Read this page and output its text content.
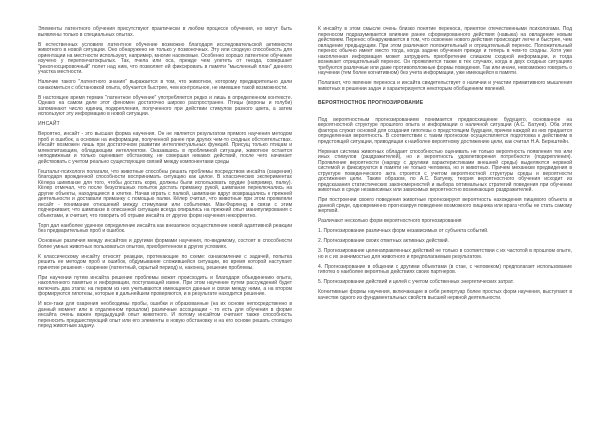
Элементы латентного обучения присутствуют практически в любом процессе обучения, но могут быть выявлены только в специальных опытах.
В естественных условиях латентное обучение возможно благодаря исследовательской активности животного в новой ситуации. Оно обнаружено не только у позвоночных. Эту или сходную способность для ориентации на местности используют, например, многие насекомые. Особенно хорошо латентное обучение изучено у перепончатокрылых. Так, пчела или оса, прежде чем улететь от гнезда, совершает "рекогносцировочный" полет над ним, что позволяет ей фиксировать в памяти "мысленный план" данного участка местности.
Наличие такого "латентного знания" выражается в том, что животное, которому предварительно дали ознакомиться с обстановкой опыта, обучается быстрее, чем контрольное, не имевшее такой возможности.
В настоящее время термин "латентное обучение" употребляется редко и лишь в определенном контексте. Однако на самом деле этот феномен достаточно широко распространен. Птицы (вороны и голуби) запоминают число единиц подкрепления, полученного при действии стимулов разного цвета, а затем используют эту информацию в новой ситуации.
ИНСАЙТ
Вероятно, инсайт - это высшая форма научения. Он не является результатом прямого научения методом проб и ошибок, а основан на информации, полученной ранее при других чем-то сходных обстоятельствах. Инсайт возможен лишь при достаточном развитии интеллектуальных функций. Присущ только птицам и млекопитающим, обладающим интеллектом. Оказавшись в проблемной ситуации, животное остается неподвижным и только оценивает обстановку, не совершая никаких действий, после чего начинает действовать с учетом реально существующих связей между компонентами среды
Гештальт-психологи полагали, что животные способны решать проблемы посредством инсайта (озарения) благодаря врожденной способности воспринимать ситуацию как целое. В классических экспериментах Кёлера шимпанзе для того, чтобы достать корм, должны были использовать орудие (например, палку). Кёлер отмечал, что после безуспешных попыток достать приманку рукой, шимпанзе переключались на другие объекты, находящиеся в клетке. Начав играть с палкой, шимпанзе вдруг возвращались к прежней деятельности и доставали приманку с помощью палки. Кёлер считал, что животные при этом проявляли инсайт - понимание отношений между стимулами или событиями. Мак-Фарленд в связи с этим подчеркивает, что шимпанзе в описанной ситуации всегда опирались на прежний опыт манипулирования с объектами, и считает, что говорить об отрыве инсайта от других форм научения некорректно.
Торп дал наиболее удачное определение инсайта как внезапное осуществление новой адаптивной реакции без предварительных проб и ошибок.
Основные различия между инсайтом и другими формами научения, по-видимому, состоят в способности более умных животных пользоваться опытом, приобретенном в других условиях.
К классическому инсайту относят реакции, протекающие по схеме: ознакомление с задачей, попытка решить ее методом проб и ошибок, обдумывание сложившейся ситуации, во время которой наступает принятие решения - озарение (латентный, скрытый период) и, наконец, решение проблемы.
При научении путем инсайта решение проблемы может происходить и благодаря объединению опыта, накопленного памятью и информации, поступающей извне. При этом научение путем рассуждений будет включать два этапа: на первом из них учитываются имеющиеся данные и связи между ними, а на втором формируются гипотезы, которые в дальнейшем проверяются, и в результате находится решение.
И все-таки для озарения необходимы пробы, ошибки и образованные (на их основе непосредственно в данный момент или в отдаленном прошлом) различные ассоциации - то есть для обучения в форме инсайта очень важен предыдущий опыт животного. И потому инсайтом считают также способность переносить предшествующий опыт или его элементы в новую обстановку и на его основе решать стоящую перед животным задачу.
К инсайту в этом смысле очень близко понятие переноса, принятое отечественными психологами. Под переносом подразумевается влияние ранее сформированного действия (навыка) на овладение новым действием. Перенос обнаруживается в том, что освоение нового действия происходит легче и быстрее, чем овладение предыдущим. При этом различают положительный и отрицательный перенос. Положительный перенос обычно имеет место тогда, когда задачи обучения прежде и теперь в чем-то сходны. Хотя уже накопленная информация может затруднить приобретение слишком сходной информации, и тогда возникает отрицательный перенос. Он проявляется также в тех случаях, когда в двух сходных ситуациях требуются различные или даже противоположные формы поведения. Так или иначе, невозможно говорить о научении (тем более когнитивном) без учета информации, уже имеющейся в памяти.
Полагают, что явление переноса и инсайта свидетельствует о наличии и участии примитивного мышления животных в решении задач и характеризуется некоторым обобщением явлений.
ВЕРОЯТНОСТНОЕ ПРОГНОЗИРОВАНИЕ
Под вероятностным прогнозированием понимается предвосхищение будущего, основанное на вероятностной структуре прошлого опыта и информации о наличной ситуации (А.С. Батуев). Оба этих фактора служат основой для создания гипотезы о предстоящем будущем, причем каждой из них придается определенная вероятность. В соответствии с таким прогнозом осуществляется подготовка к действиям в предстоящей ситуации, приводящая к наиболее вероятному достижению цели, как считал Н.А. Бернштейн.
Нервная система животных обладает способностью оценивать не только вероятность появления тех или иных стимулов (раздражителей), но и вероятность удовлетворения потребности (подкрепления). Проявление вероятности (наряду с другими характеристиками внешней среды) выделяются нервной системой и фиксируются в памяти не только человека, но и животных. Причем механизм предвидения в структуре поведенческого акта строится с учетом вероятностной структуры среды и вероятности достижения цели. Таким образом, по А.С. Батуеву, теория вероятностного обучения исходит из предсказания статистических закономерностей и выбора оптимальных стратегий поведения при обучении животных в среде независимых или зависимых вероятностно возникающих раздражителей.
При построении своего поведения животные прогнозируют вероятность нахождения пищевого объекта в данной среде, одновременно прогнозируя поведение возможного хищника или врага чтобы не стать самому жертвой.
Различают несколько форм вероятностного прогнозирования
1. Прогнозирование различных форм независимых от субъекта событий.
2. Прогнозирование своих ответных активных действий.
3. Прогнозирование целенаправленных действий не только в соответствии с их частотой в прошлом опыте, но и с их значимостью для животного и предполагаемым результатом.
4. Прогнозирование в общении с другими объектами (в стае, с человеком) предполагает использование гипотез о наиболее вероятных действиях своих партнеров.
5. Прогнозирование действий и целей с учетом собственных энергетических затрат.
Когнитивные формы научения, включающие в себя репертуар более простых форм научения, выступают в качестве одного из фундаментальных свойств высшей нервной деятельности.
